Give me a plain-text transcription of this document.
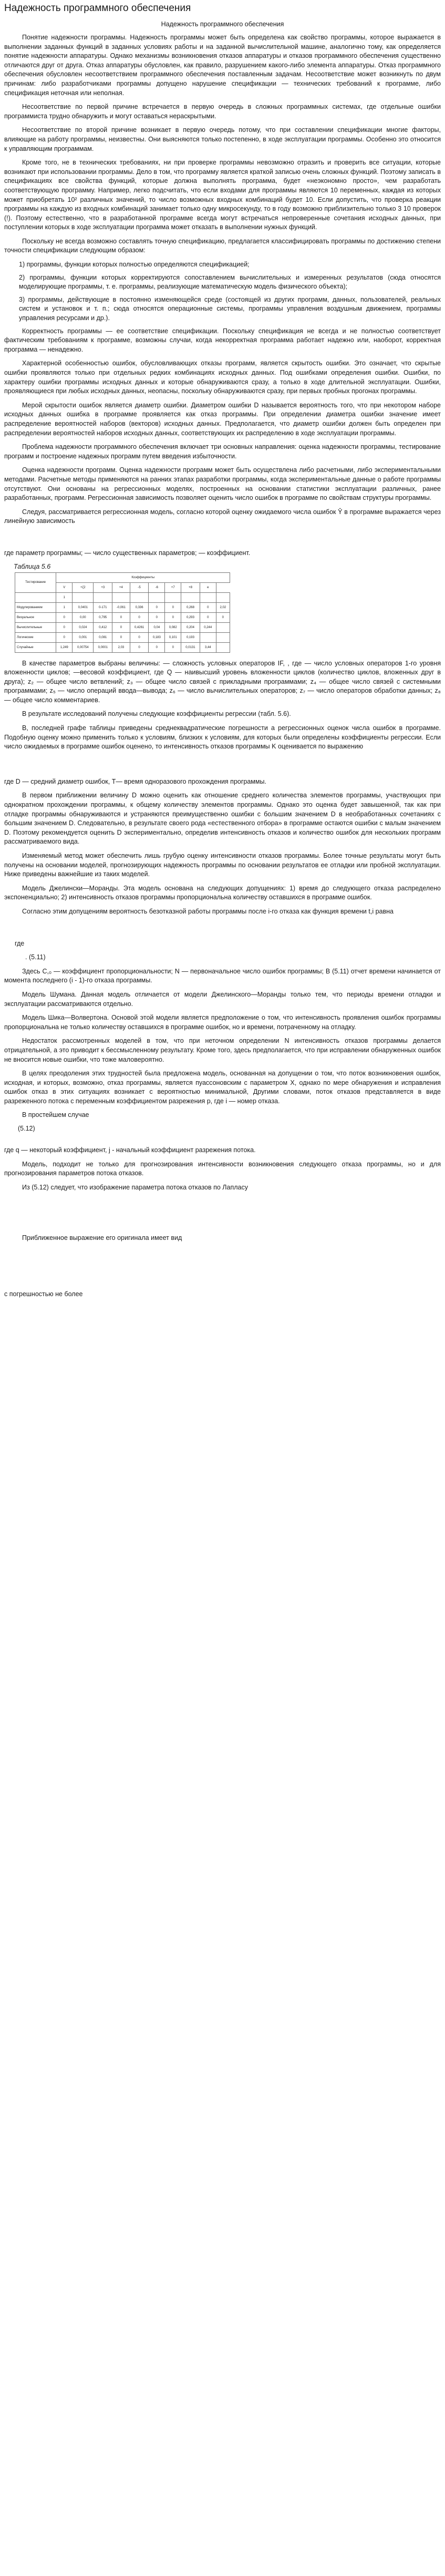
Надежность программного обеспечения
Надежность программного обеспечения

Понятие надежности программы. Надежность программы может быть определена как свойство программы, которое выражается в выполнении заданных функций в заданных условиях работы и на заданной вычислительной машине, аналогично тому, как определяется понятие надежности аппаратуры. Однако механизмы возникновения отказов аппаратуры и отказов программного обеспечения существенно отличаются друг от друга. Отказ аппаратуры обусловлен, как правило, разрушением какого-либо элемента аппаратуры. Отказ программного обеспечения обусловлен несоответствием программного обеспечения поставленным задачам. Несоответствие может возникнуть по двум причинам: либо разработчиками программы допущено нарушение спецификации — технических требований к программе, либо спецификация неточная или неполная.

Несоответствие по первой причине встречается в первую очередь в сложных программных системах, где отдельные ошибки программиста трудно обнаружить и могут оставаться нераскрытыми.

Несоответствие по второй причине возникает в первую очередь потому, что при составлении спецификации многие факторы, влияющие на работу программы, неизвестны. Они выясняются только постепенно, в ходе эксплуатации программы. Особенно это относится к управляющим программам.

Кроме того, не в технических требованиях, ни при проверке программы невозможно отразить и проверить все ситуации, которые возникают при использовании программы. Дело в том, что программу является краткой записью очень сложных функций. Поэтому записать в спецификациях все свойства функций, которые должна выполнять программа, будет «неэкономно просто», чем разработать соответствующую программу. Например, легко подсчитать, что если входами для программы являются 10 переменных, каждая из которых может приобретать 10² различных значений, то число возможных входных комбинаций будет 10. Если допустить, что проверка реакции программы на каждую из входных комбинаций занимает только одну микросекунду, то в году возможно приблизительно только 3 10 проверок (!). Поэтому естественно, что в разработанной программе всегда могут встречаться непроверенные сочетания исходных данных, при поступлении которых в ходе эксплуатации программа может отказать в выполнении нужных функций.

Поскольку не всегда возможно составлять точную спецификацию, предлагается классифицировать программы по достижению степени точности спецификации следующим образом:

1) программы, функции которых полностью определяются спецификацией;

2) программы, функции которых корректируются сопоставлением вычислительных и измеренных результатов (сюда относятся моделирующие программы, т. е. программы, реализующие математическую модель физического объекта);

3) программы, действующие в постоянно изменяющейся среде (состоящей из других программ, данных, пользователей, реальных систем и установок и т. п.; сюда относятся операционные системы, программы управления воздушным движением, программы управления ресурсами и др.).

Корректность программы — ее соответствие спецификации. Поскольку спецификация не всегда и не полностью соответствует фактическим требованиям к программе, возможны случаи, когда некорректная программа работает надежно или, наоборот, корректная программа — ненадежно.

Характерной особенностью ошибок, обусловливающих отказы программ, является скрытость ошибки. Это означает, что скрытые ошибки проявляются только при отдельных редких комбинациях исходных данных. Под ошибками определения ошибки. Ошибки, по характеру ошибки программы исходных данных и которые обнаруживаются сразу, а только в ходе длительной эксплуатации. Ошибки, проявляющиеся при любых исходных данных, неопасны, поскольку обнаруживаются сразу, при первых пробных прогонах программы.

Мерой скрытости ошибок является диаметр ошибки. Диаметром ошибки D называется вероятность того, что при некотором наборе исходных данных ошибка в программе проявляется как отказ программы. При определении диаметра ошибки значение имеет распределение вероятностей наборов (векторов) исходных данных. Предполагается, что диаметр ошибки должен быть определен при распределении вероятностей наборов исходных данных, соответствующих их распределению в ходе эксплуатации программы.

Проблема надежности программного обеспечения включает три основных направления: оценка надежности программы, тестирование программ и построение надежных программ путем введения избыточности.

Оценка надежности программ. Оценка надежности программ может быть осуществлена либо расчетными, либо экспериментальными методами. Расчетные методы применяются на ранних этапах разработки программы, когда экспериментальные данные о работе программы отсутствуют. Они основаны на регрессионных моделях, построенных на основании статистики эксплуатации различных, ранее разработанных, программ. Регрессионная зависимость позволяет оценить число ошибок в программе по свойствам структуры программы.

Следуя, рассматривается регрессионная модель, согласно которой оценку ожидаемого числа ошибок Ŷ в программе выражается через линейную зависимость

где параметр программы; — число существенных параметров; — коэффициент.

Таблица 5.6
Тестирование	Коэффициенты									
	V	+ζ2	+3	+4	-5	-6	+7	+8	e	
	1									
Модулированием	1	0,0401	0-171	-0,061	0,336	0	0	0,268	0	2,02
Визуальное	0	0,00	0,795	0	0	0	0	0,293	0	0
Вычислительные	0	0,024	0,412	0	0,4261	0,04	0,082	0,204	0,244	
Логические	0	0,001	0,081	0	0	0,183	0,101	0,193		
Случайные	1,249	0,00754	0,0001	2,03	0	0	0	0,0131	3,44	

В качестве параметров выбраны величины: — сложность условных операторов IF, , где — число условных операторов 1-го уровня вложенности циклов; —весовой коэффициент, где Q — наивысший уровень вложенности циклов (количество циклов, вложенных друг в друга); z₂ — общее число ветвлений; z₃ — общее число связей с прикладными программами; z₄ — общее число связей с системными программами; z₅ — число операций ввода—вывода; z₆ — число вычислительных операторов; z₇ — число операторов обработки данных; z₈ — общее число комментариев.

В результате исследований получены следующие коэффициенты регрессии (табл. 5.6).

В, последней графе таблицы приведены среднеквадратические погрешности а регрессионных оценок числа ошибок в программе. Подобную оценку можно применить только к условиям, близких к условиям, для которых были определены коэффициенты регрессии. Если число ожидаемых в программе ошибок оценено, то интенсивность отказов программы K оценивается по выражению

где D — средний диаметр ошибок, T— время одноразового прохождения программы.

В первом приближении величину D можно оценить как отношение среднего количества элементов программы, участвующих при однократном прохождении программы, к общему количеству элементов программы. Однако это оценка будет завышенной, так как при отладке программы обнаруживаются и устраняются преимущественно ошибки с большим значением D в необработанных сочетаниях с большим значением D. Следовательно, в результате своего рода «естественного отбора» в программе остаются ошибки с малым значением D. Поэтому рекомендуется оценить D экспериментально, определив интенсивность отказов и количество ошибок для нескольких программ рассматриваемого вида.

Изменяемый метод может обеспечить лишь грубую оценку интенсивности отказов программы. Более точные результаты могут быть получены на основании моделей, прогнозирующих надежность программы по основании результатов ее отладки или пробной эксплуатации. Ниже приведены важнейшие из таких моделей.

Модель Джелински—Моранды. Эта модель основана на следующих допущениях: 1) время до следующего отказа распределено экспоненциально; 2) интенсивность отказов программы пропорциональна количеству оставшихся в программе ошибок.

Согласно этим допущениям вероятность безотказной работы программы после i-го отказа как функция времени t,i равна

где

. (5.11)

Здесь C,₀ — коэффициент пропорциональности; N — первоначальное число ошибок программы; В (5.11) отчет времени начинается от момента последнего (i - 1)-го отказа программы.

Модель Шумана. Данная модель отличается от модели Джелинского—Моранды только тем, что периоды времени отладки и эксплуатации рассматриваются отдельно.

Модель Шика—Волвертона. Основой этой модели является предположение о том, что интенсивность проявления ошибок программы пропорциональна не только количеству оставшихся в программе ошибок, но и времени, потраченному на отладку.

Недостаток рассмотренных моделей в том, что при неточном определении N интенсивность отказов программы делается отрицательной, а это приводит к бессмысленному результату. Кроме того, здесь предполагается, что при исправлении обнаруженных ошибок не вносится новые ошибки, что тоже маловероятно.

В целях преодоления этих трудностей была предложена модель, основанная на допущении о том, что поток возникновения ошибок, исходная, и которых, возможно, отказ программы, является пуассоновским с параметром X, однако по мере обнаружения и исправления ошибок отказ в этих ситуациях возникает с вероятностью минимальной, Другими словами, поток отказов представляется в виде разреженного потока с переменным коэффициентом разрежения p, где i — номер отказа.

В простейшем случае

(5.12)

где q — некоторый коэффициент, j - начальный коэффициент разрежения потока.

Модель, подходит не только для прогнозирования интенсивности возникновения следующего отказа программы, но и для прогнозирования параметров потока отказов.

Из (5.12) следует, что изображение параметра потока отказов по Лапласу

Приближенное выражение его оригинала имеет вид

с погрешностью не более
